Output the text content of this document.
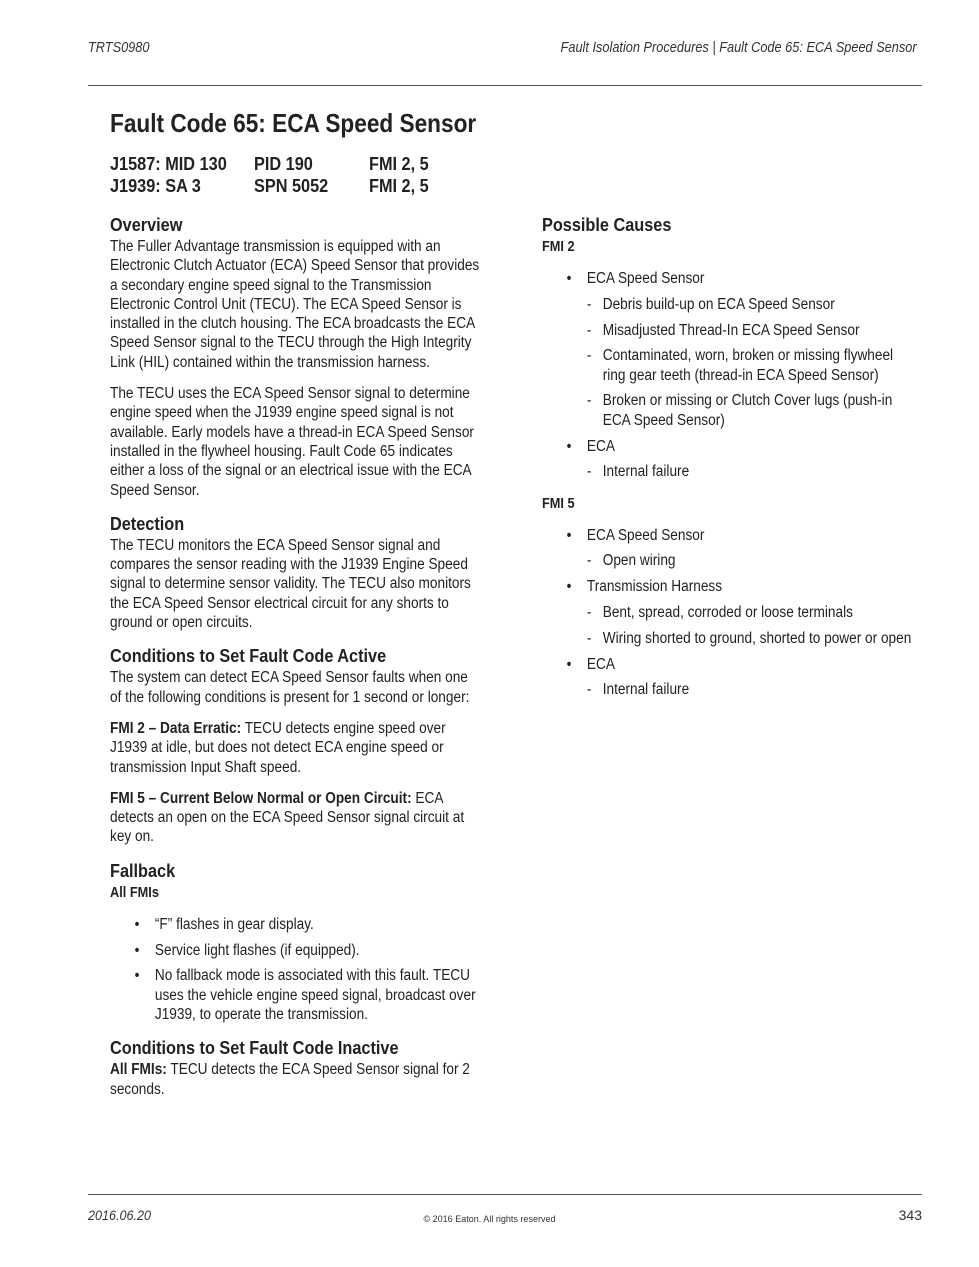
TRTS0980	Fault Isolation Procedures | Fault Code 65: ECA Speed Sensor
Fault Code 65: ECA Speed Sensor
J1587: MID 130	PID 190	FMI 2, 5
J1939: SA 3	SPN 5052	FMI 2, 5
Overview

The Fuller Advantage transmission is equipped with an Electronic Clutch Actuator (ECA) Speed Sensor that provides a secondary engine speed signal to the Transmission Electronic Control Unit (TECU). The ECA Speed Sensor is installed in the clutch housing. The ECA broadcasts the ECA Speed Sensor signal to the TECU through the High Integrity Link (HIL) contained within the transmission harness.

The TECU uses the ECA Speed Sensor signal to determine engine speed when the J1939 engine speed signal is not available. Early models have a thread-in ECA Speed Sensor installed in the flywheel housing. Fault Code 65 indicates either a loss of the signal or an electrical issue with the ECA Speed Sensor.

Detection

The TECU monitors the ECA Speed Sensor signal and compares the sensor reading with the J1939 Engine Speed signal to determine sensor validity. The TECU also monitors the ECA Speed Sensor electrical circuit for any shorts to ground or open circuits.

Conditions to Set Fault Code Active

The system can detect ECA Speed Sensor faults when one of the following conditions is present for 1 second or longer:

FMI 2 – Data Erratic: TECU detects engine speed over J1939 at idle, but does not detect ECA engine speed or transmission Input Shaft speed.

FMI 5 – Current Below Normal or Open Circuit: ECA detects an open on the ECA Speed Sensor signal circuit at key on.

Fallback
All FMIs
• “F” flashes in gear display.
• Service light flashes (if equipped).
• No fallback mode is associated with this fault. TECU uses the vehicle engine speed signal, broadcast over J1939, to operate the transmission.
Conditions to Set Fault Code Inactive

All FMIs: TECU detects the ECA Speed Sensor signal for 2 seconds.

Possible Causes
FMI 2
• ECA Speed Sensor
- Debris build-up on ECA Speed Sensor
- Misadjusted Thread-In ECA Speed Sensor
- Contaminated, worn, broken or missing flywheel ring gear teeth (thread-in ECA Speed Sensor)
- Broken or missing or Clutch Cover lugs (push-in ECA Speed Sensor)
• ECA
- Internal failure
FMI 5
• ECA Speed Sensor
- Open wiring
• Transmission Harness
- Bent, spread, corroded or loose terminals
- Wiring shorted to ground, shorted to power or open
• ECA
- Internal failure
2016.06.20	© 2016 Eaton. All rights reserved	343
